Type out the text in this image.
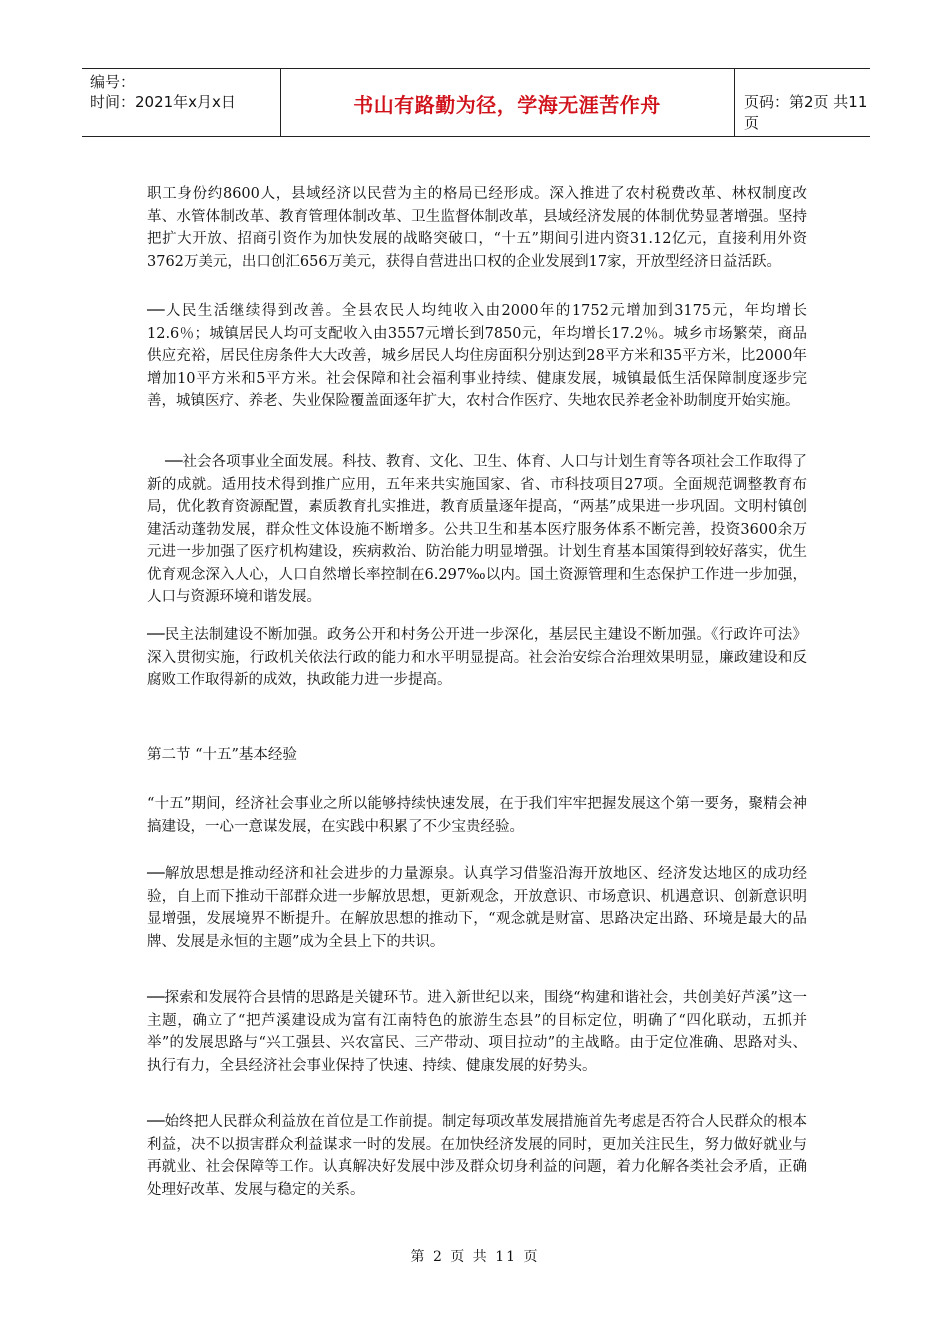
编号：
时间：2021年x月x日	书山有路勤为径，学海无涯苦作舟	页码：第2页 共11页
职工身份约8600人，县域经济以民营为主的格局已经形成。深入推进了农村税费改革、林权制度改革、水管体制改革、教育管理体制改革、卫生监督体制改革，县域经济发展的体制优势显著增强。坚持把扩大开放、招商引资作为加快发展的战略突破口，“十五”期间引进内资31.12亿元，直接利用外资3762万美元，出口创汇656万美元，获得自营进出口权的企业发展到17家，开放型经济日益活跃。
──人民生活继续得到改善。全县农民人均纯收入由2000年的1752元增加到3175元，年均增长12.6％；城镇居民人均可支配收入由3557元增长到7850元，年均增长17.2％。城乡市场繁荣，商品供应充裕，居民住房条件大大改善，城乡居民人均住房面积分别达到28平方米和35平方米，比2000年增加10平方米和5平方米。社会保障和社会福利事业持续、健康发展，城镇最低生活保障制度逐步完善，城镇医疗、养老、失业保险覆盖面逐年扩大，农村合作医疗、失地农民养老金补助制度开始实施。
──社会各项事业全面发展。科技、教育、文化、卫生、体育、人口与计划生育等各项社会工作取得了新的成就。适用技术得到推广应用，五年来共实施国家、省、市科技项目27项。全面规范调整教育布局，优化教育资源配置，素质教育扎实推进，教育质量逐年提高，“两基”成果进一步巩固。文明村镇创建活动蓬勃发展，群众性文体设施不断增多。公共卫生和基本医疗服务体系不断完善，投资3600余万元进一步加强了医疗机构建设，疾病救治、防治能力明显增强。计划生育基本国策得到较好落实，优生优育观念深入人心，人口自然增长率控制在6.297‰以内。国土资源管理和生态保护工作进一步加强，人口与资源环境和谐发展。
──民主法制建设不断加强。政务公开和村务公开进一步深化，基层民主建设不断加强。《行政许可法》深入贯彻实施，行政机关依法行政的能力和水平明显提高。社会治安综合治理效果明显，廉政建设和反腐败工作取得新的成效，执政能力进一步提高。
第二节 “十五”基本经验
“十五”期间，经济社会事业之所以能够持续快速发展，在于我们牢牢把握发展这个第一要务，聚精会神搞建设，一心一意谋发展，在实践中积累了不少宝贵经验。
──解放思想是推动经济和社会进步的力量源泉。认真学习借鉴沿海开放地区、经济发达地区的成功经验，自上而下推动干部群众进一步解放思想，更新观念，开放意识、市场意识、机遇意识、创新意识明显增强，发展境界不断提升。在解放思想的推动下，“观念就是财富、思路决定出路、环境是最大的品牌、发展是永恒的主题”成为全县上下的共识。
──探索和发展符合县情的思路是关键环节。进入新世纪以来，围绕“构建和谐社会，共创美好芦溪”这一主题，确立了“把芦溪建设成为富有江南特色的旅游生态县”的目标定位，明确了“四化联动，五抓并举”的发展思路与“兴工强县、兴农富民、三产带动、项目拉动”的主战略。由于定位准确、思路对头、执行有力，全县经济社会事业保持了快速、持续、健康发展的好势头。
──始终把人民群众利益放在首位是工作前提。制定每项改革发展措施首先考虑是否符合人民群众的根本利益，决不以损害群众利益谋求一时的发展。在加快经济发展的同时，更加关注民生，努力做好就业与再就业、社会保障等工作。认真解决好发展中涉及群众切身利益的问题，着力化解各类社会矛盾，正确处理好改革、发展与稳定的关系。
第 2 页 共 11 页
